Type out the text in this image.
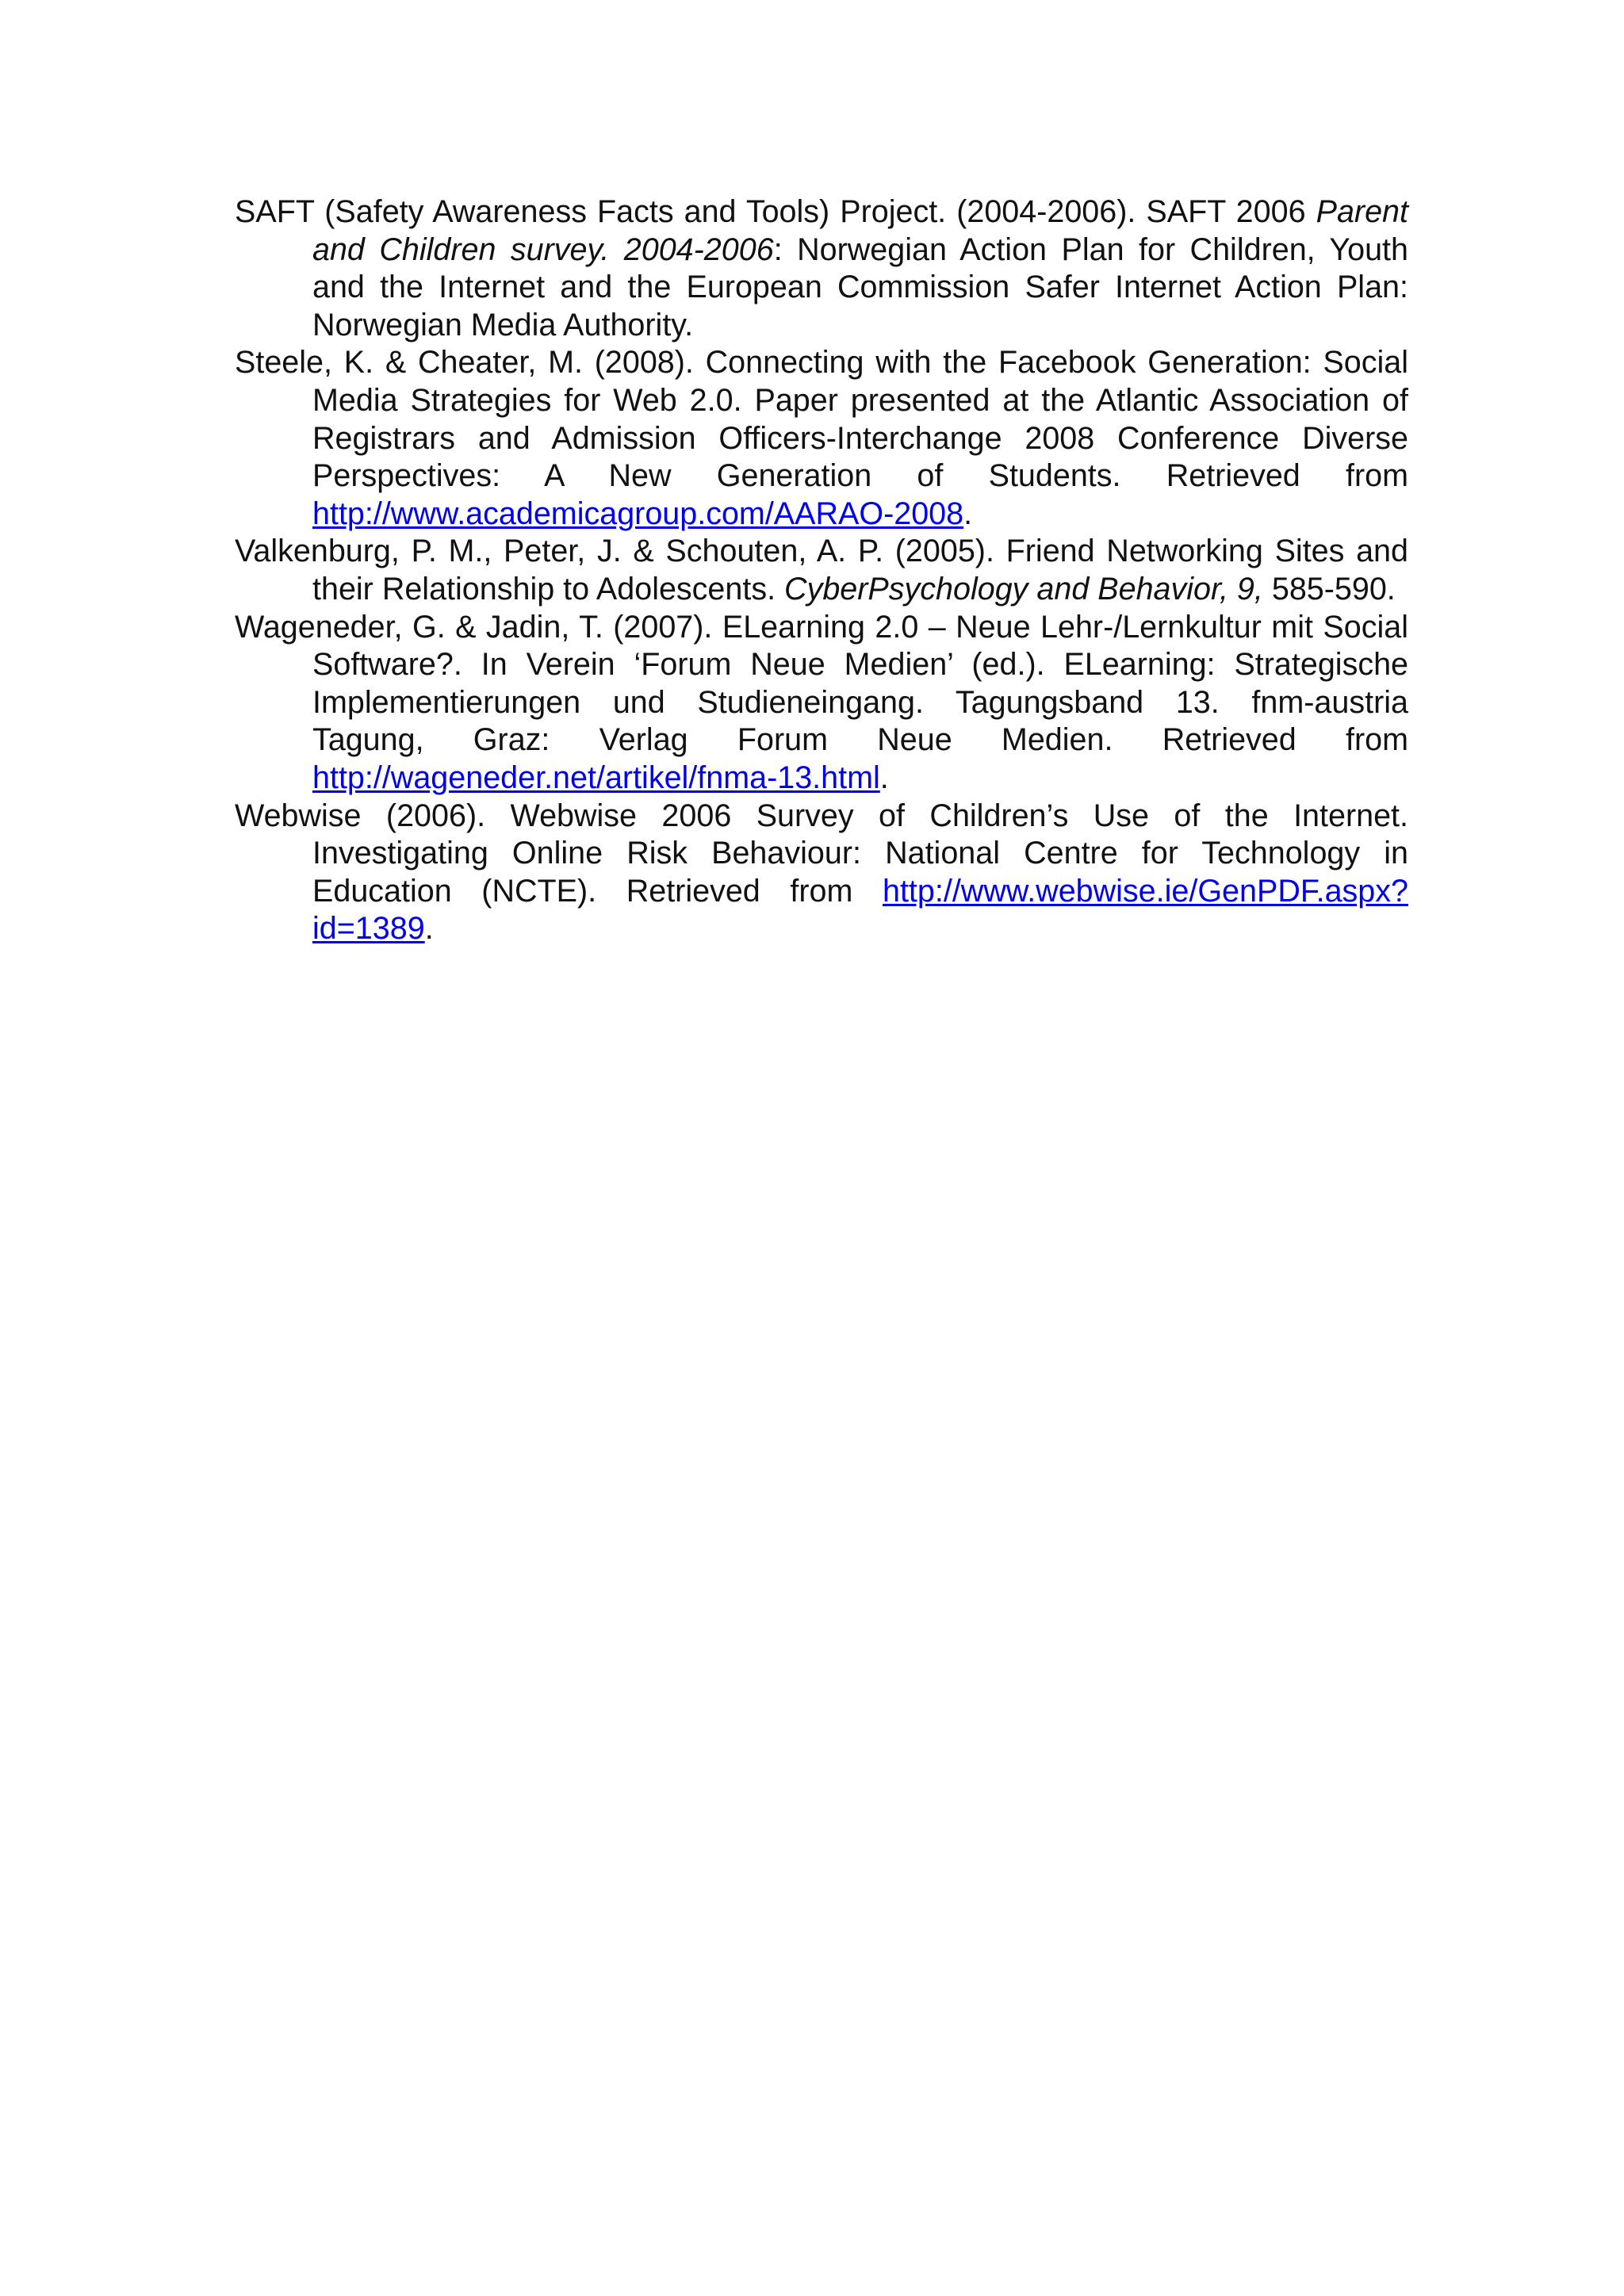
SAFT (Safety Awareness Facts and Tools) Project. (2004-2006). SAFT 2006 Parent and Children survey. 2004-2006: Norwegian Action Plan for Children, Youth and the Internet and the European Commission Safer Internet Action Plan: Norwegian Media Authority.

Steele, K. & Cheater, M. (2008). Connecting with the Facebook Generation: Social Media Strategies for Web 2.0. Paper presented at the Atlantic Association of Registrars and Admission Officers-Interchange 2008 Conference Diverse Perspectives: A New Generation of Students. Retrieved from http://www.academicagroup.com/AARAO-2008.

Valkenburg, P. M., Peter, J. & Schouten, A. P. (2005). Friend Networking Sites and their Relationship to Adolescents. CyberPsychology and Behavior, 9, 585-590.

Wageneder, G. & Jadin, T. (2007). ELearning 2.0 – Neue Lehr-/Lernkultur mit Social Software?. In Verein ‘Forum Neue Medien’ (ed.). ELearning: Strategische Implementierungen und Studieneingang. Tagungsband 13. fnm-austria Tagung, Graz: Verlag Forum Neue Medien. Retrieved from http://wageneder.net/artikel/fnma-13.html.

Webwise (2006). Webwise 2006 Survey of Children’s Use of the Internet. Investigating Online Risk Behaviour: National Centre for Technology in Education (NCTE). Retrieved from http://www.webwise.ie/GenPDF.aspx?id=1389.
